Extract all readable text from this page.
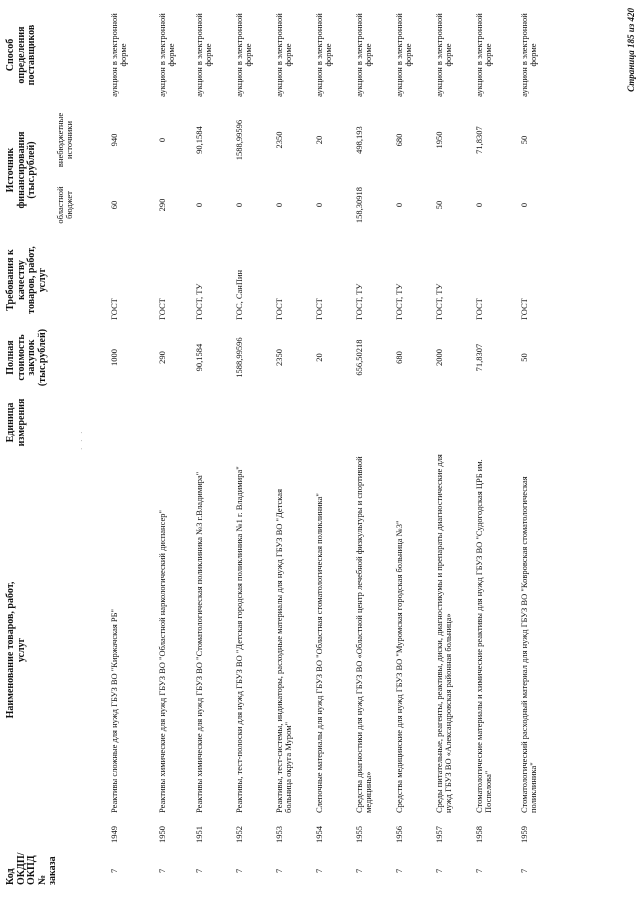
Код ОКДП/ ОКПД № заказа
Наименование товаров, работ, услуг
Единица измерения
Полная стоимость закупок (тыс.рублей)
Требования к качеству товаров, работ, услуг
Источник финансирования (тыс.рублей)
областной бюджет
внебюджетные источники
Способ определения поставщиков
· · ·
7
1949
Реактивы сложные для нужд ГБУЗ ВО "Киржачская РБ"
1000
ГОСТ
60
940
аукцион в электронной форме
7
1950
Реактивы химические для нужд ГБУЗ ВО "Областной наркологический диспансер"
290
ГОСТ
290
0
аукцион в электронной форме
7
1951
Реактивы химические для нужд ГБУЗ ВО "Стоматологическая поликлиника №3 г.Владимира"
90,1584
ГОСТ, ТУ
0
90,1584
аукцион в электронной форме
7
1952
Реактивы, тест-полоски для нужд ГБУЗ ВО "Детская городская поликлиника №1 г. Владимира"
1588,99596
ГОС, СанПин
0
1588,99596
аукцион в электронной форме
7
1953
Реактивы, тест-системы, индикаторы, расходные материалы для нужд ГБУЗ ВО "Детская больница округа Муром"
2350
ГОСТ
0
2350
аукцион в электронной форме
7
1954
Слепочные материалы для нужд ГБУЗ ВО "Областная стоматологическая поликлиника"
20
ГОСТ
0
20
аукцион в электронной форме
7
1955
Средства диагностики для нужд ГБУЗ ВО «Областной центр лечебной физкультуры и спортивной медицины»
656,50218
ГОСТ, ТУ
158,30918
498,193
аукцион в электронной форме
7
1956
Средства медицинские для нужд ГБУЗ ВО "Муромская городская больница №3"
680
ГОСТ, ТУ
0
680
аукцион в электронной форме
7
1957
Среды питательные, реагенты, реактивы, диски, диагностикумы и препараты диагностические для нужд ГБУЗ ВО «Александровская районная больница»
2000
ГОСТ, ТУ
50
1950
аукцион в электронной форме
7
1958
Стоматологические материалы и химические реактивы для нужд ГБУЗ ВО "Судогодская ЦРБ им. Поспелова"
71,8307
ГОСТ
0
71,8307
аукцион в электронной форме
7
1959
Стоматологический расходный материал для нужд ГБУЗ ВО "Ковровская стоматологическая поликлиника"
50
ГОСТ
0
50
аукцион в электронной форме	Страница 185 из 420
